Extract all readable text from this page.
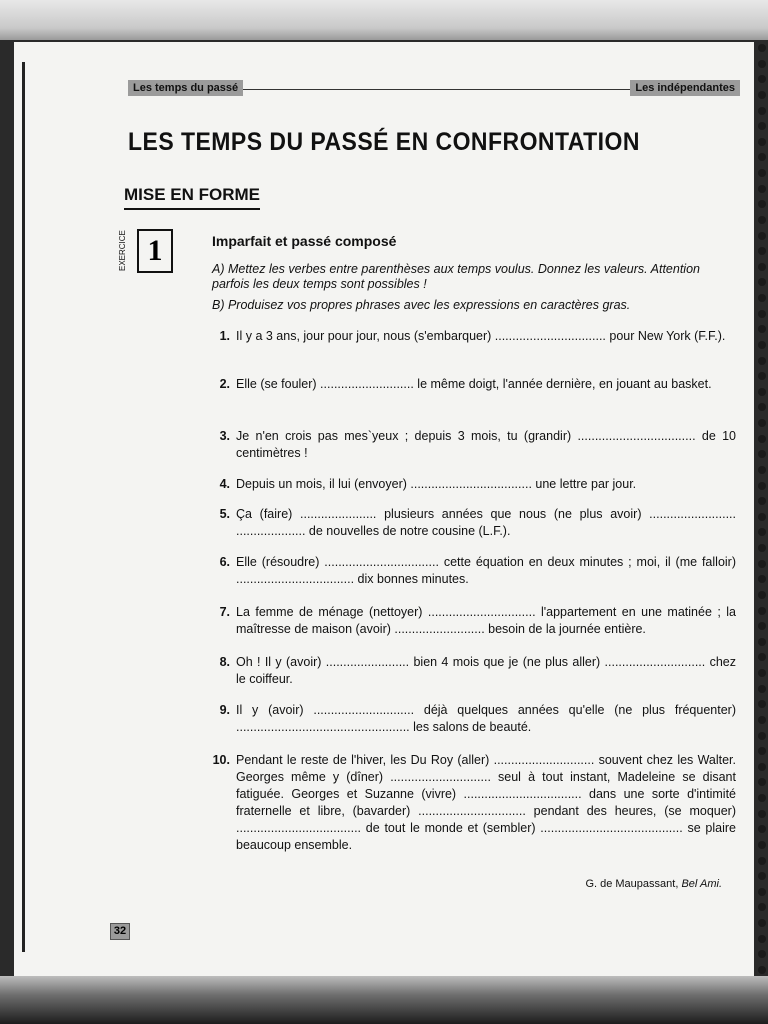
Les temps du passé	Les indépendantes
LES TEMPS DU PASSÉ EN CONFRONTATION
MISE EN FORME
EXERCICE 1	Imparfait et passé composé
A) Mettez les verbes entre parenthèses aux temps voulus. Donnez les valeurs. Attention parfois les deux temps sont possibles !
B) Produisez vos propres phrases avec les expressions en caractères gras.
1. Il y a 3 ans, jour pour jour, nous (s'embarquer) ................................ pour New York (F.F.).
2. Elle (se fouler) ........................... le même doigt, l'année dernière, en jouant au basket.
3. Je n'en crois pas mes`yeux ; depuis 3 mois, tu (grandir) .................................. de 10 centimètres !
4. Depuis un mois, il lui (envoyer) ................................... une lettre par jour.
5. Ça (faire) ...................... plusieurs années que nous (ne plus avoir) ......................... .................... de nouvelles de notre cousine (L.F.).
6. Elle (résoudre) ................................. cette équation en deux minutes ; moi, il (me falloir) .................................. dix bonnes minutes.
7. La femme de ménage (nettoyer) ............................... l'appartement en une matinée ; la maîtresse de maison (avoir) .......................... besoin de la journée entière.
8. Oh ! Il y (avoir) ........................ bien 4 mois que je (ne plus aller) ............................. chez le coiffeur.
9. Il y (avoir) ............................. déjà quelques années qu'elle (ne plus fréquenter) .................................................. les salons de beauté.
10. Pendant le reste de l'hiver, les Du Roy (aller) ............................. souvent chez les Walter. Georges même y (dîner) ............................. seul à tout instant, Madeleine se disant fatiguée. Georges et Suzanne (vivre) .................................. dans une sorte d'intimité fraternelle et libre, (bavarder) ............................... pendant des heures, (se moquer) .................................... de tout le monde et (sembler) ......................................... se plaire beaucoup ensemble.
G. de Maupassant, Bel Ami.
32
